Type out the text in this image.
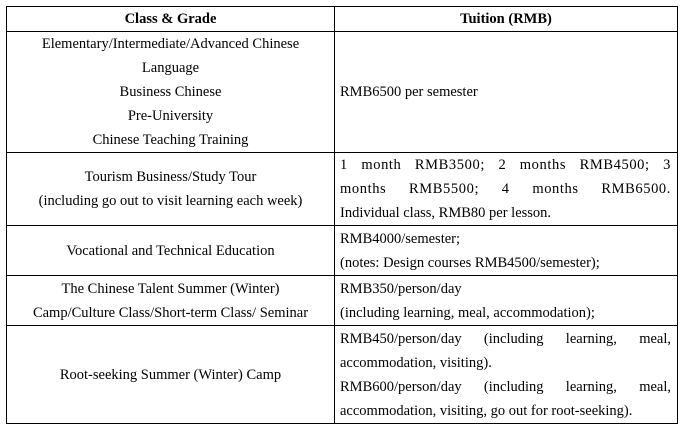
Class & Grade	Tuition (RMB)

Elementary/Intermediate/Advanced Chinese
Language
Business Chinese
Pre-University
Chinese Teaching Training	RMB6500 per semester

Tourism Business/Study Tour
(including go out to visit learning each week)	1 month RMB3500; 2 months RMB4500; 3
months RMB5500; 4 months RMB6500.
Individual class, RMB80 per lesson.

Vocational and Technical Education	RMB4000/semester;
(notes: Design courses RMB4500/semester);

The Chinese Talent Summer (Winter)
Camp/Culture Class/Short-term Class/ Seminar	RMB350/person/day
(including learning, meal, accommodation);

Root-seeking Summer (Winter) Camp	RMB450/person/day (including learning, meal,
accommodation, visiting).
RMB600/person/day (including learning, meal,
accommodation, visiting, go out for root-seeking).
